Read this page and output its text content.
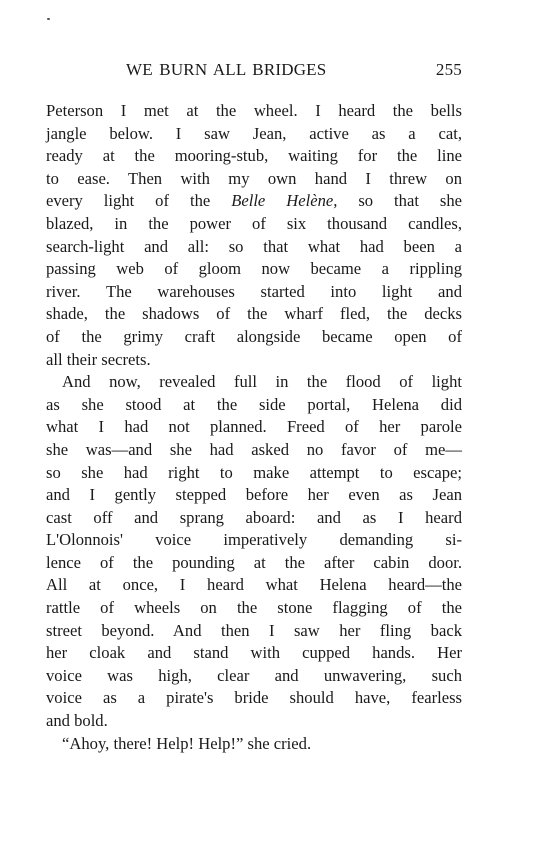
WE BURN ALL BRIDGES	255
Peterson I met at the wheel. I heard the bells
jangle below. I saw Jean, active as a cat,
ready at the mooring-stub, waiting for the line
to ease. Then with my own hand I threw on
every light of the Belle Helène, so that she
blazed, in the power of six thousand candles,
search-light and all: so that what had been a
passing web of gloom now became a rippling
river. The warehouses started into light and
shade, the shadows of the wharf fled, the decks
of the grimy craft alongside became open of
all their secrets.
And now, revealed full in the flood of light
as she stood at the side portal, Helena did
what I had not planned. Freed of her parole
she was—and she had asked no favor of me—
so she had right to make attempt to escape;
and I gently stepped before her even as Jean
cast off and sprang aboard: and as I heard
L'Olonnois' voice imperatively demanding si-
lence of the pounding at the after cabin door.
All at once, I heard what Helena heard—the
rattle of wheels on the stone flagging of the
street beyond. And then I saw her fling back
her cloak and stand with cupped hands. Her
voice was high, clear and unwavering, such
voice as a pirate's bride should have, fearless
and bold.
“Ahoy, there! Help! Help!” she cried.
